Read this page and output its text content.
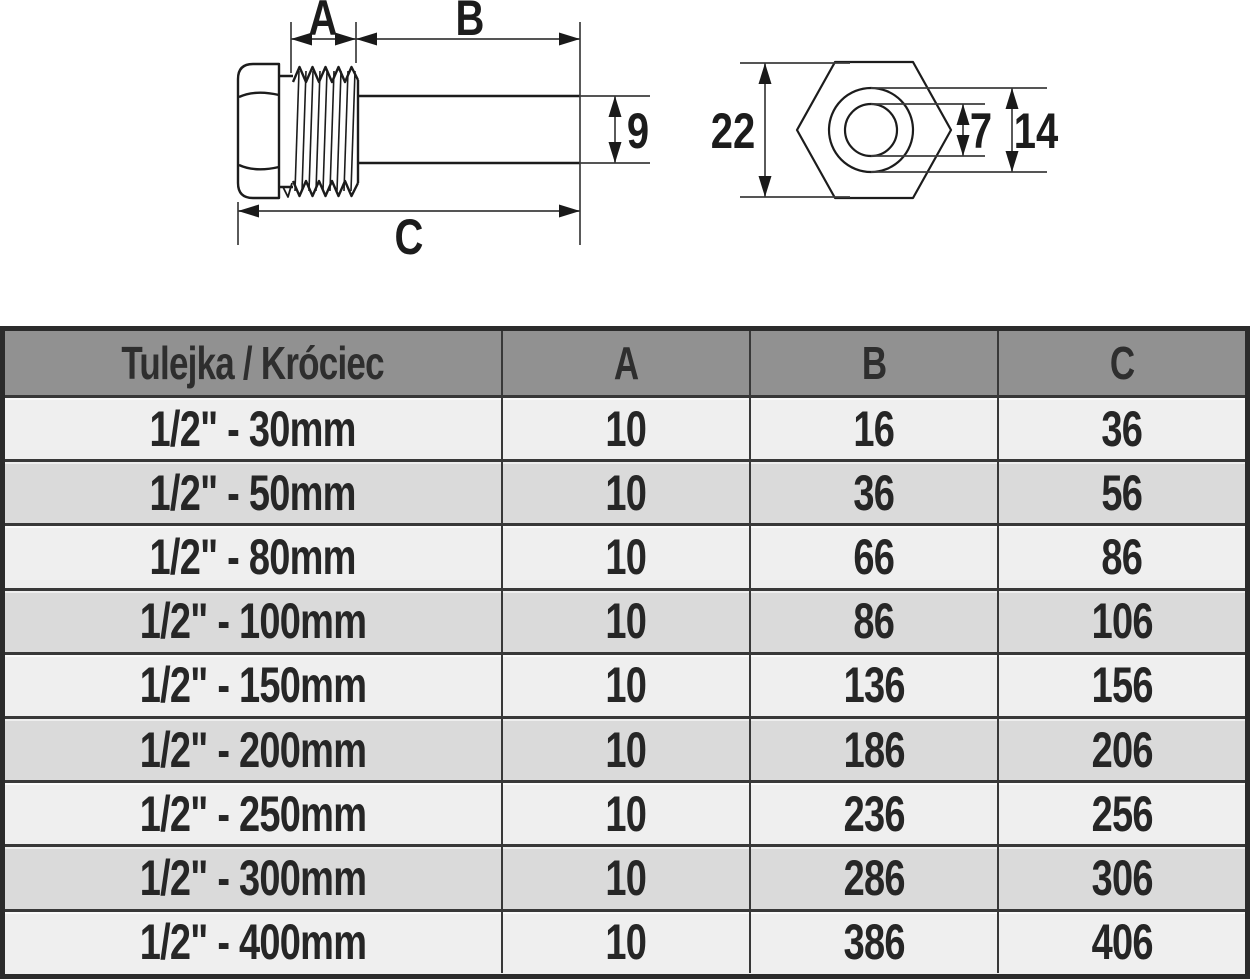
A B
C
9 22	7 14
Tulejka / Króciec	A	B	C
1/2" - 30mm	10	16	36
1/2" - 50mm	10	36	56
1/2" - 80mm	10	66	86
1/2" - 100mm	10	86	106
1/2" - 150mm	10	136	156
1/2" - 200mm	10	186	206
1/2" - 250mm	10	236	256
1/2" - 300mm	10	286	306
1/2" - 400mm	10	386	406
